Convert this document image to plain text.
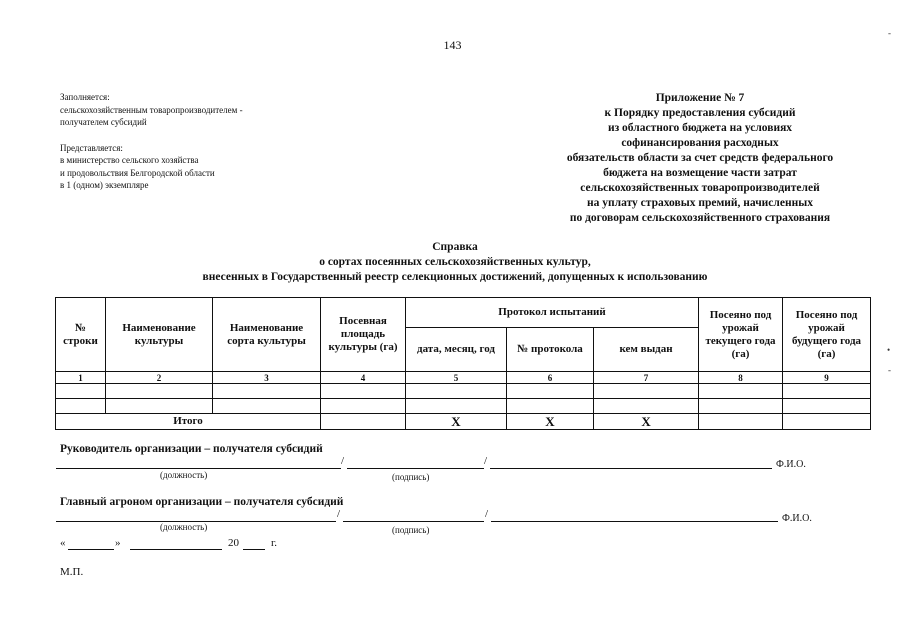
143
Заполняется:
сельскохозяйственным товаропроизводителем -
получателем субсидий
Представляется:
в министерство сельского хозяйства
и продовольствия Белгородской области
в 1 (одном) экземпляре
Приложение № 7
к Порядку предоставления субсидий
из областного бюджета на условиях
софинансирования расходных
обязательств области за счет средств федерального
бюджета на возмещение части затрат
сельскохозяйственных товаропроизводителей
на уплату страховых премий, начисленных
по договорам сельскохозяйственного страхования
Справка
о сортах посеянных сельскохозяйственных культур,
внесенных в Государственный реестр селекционных достижений, допущенных к использованию
№ строки	Наименование культуры	Наименование сорта культуры	Посевная площадь культуры (га)	Протокол испытаний			Посеяно под урожай текущего года (га)	Посеяно под урожай будущего года (га)
				дата, месяц, год	№ протокола	кем выдан		
1	2	3	4	5	6	7	8	9

Итого				X	X	X		
Руководитель организации – получателя субсидий
/	/	Ф.И.О.
(должность)	(подпись)
Главный агроном организации – получателя субсидий
/	/	Ф.И.О.
(должность)	(подпись)
«	»	20	г.
М.П.
-
•
-
